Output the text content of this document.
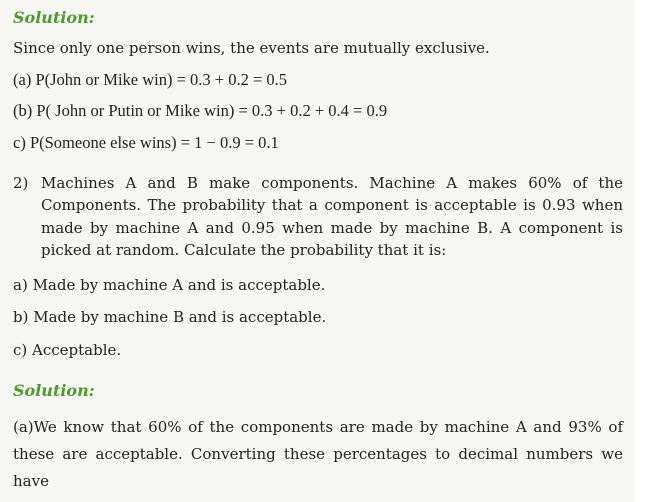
Solution:
Since only one person wins, the events are mutually exclusive.
(a) P(John or Mike win) = 0.3 + 0.2 = 0.5
(b) P( John or Putin or Mike win) = 0.3 + 0.2 + 0.4 = 0.9
c) P(Someone else wins) = 1 − 0.9 = 0.1
2) Machines A and B make components. Machine A makes 60% of the Components. The probability that a component is acceptable is 0.93 when made by machine A and 0.95 when made by machine B. A component is picked at random. Calculate the probability that it is:
a) Made by machine A and is acceptable.
b) Made by machine B and is acceptable.
c) Acceptable.
Solution:
(a)We know that 60% of the components are made by machine A and 93% of these are acceptable. Converting these percentages to decimal numbers we have
